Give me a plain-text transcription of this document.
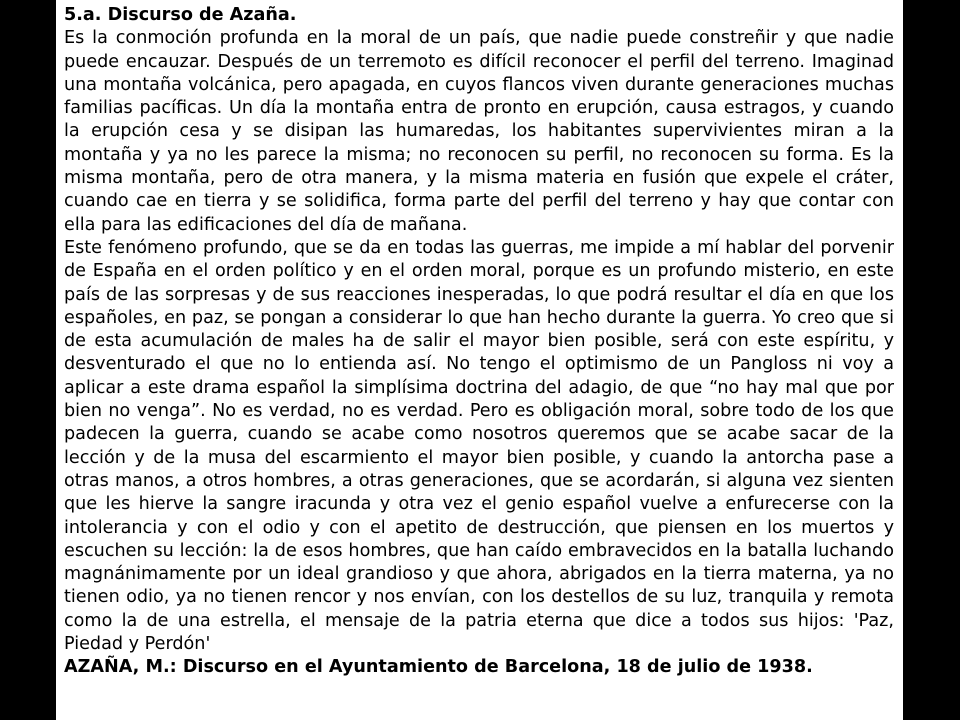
5.a. Discurso de Azaña.

Es la conmoción profunda en la moral de un país, que nadie puede constreñir y que nadie puede encauzar. Después de un terremoto es difícil reconocer el perfil del terreno. Imaginad una montaña volcánica, pero apagada, en cuyos flancos viven durante generaciones muchas familias pacíficas. Un día la montaña entra de pronto en erupción, causa estragos, y cuando la erupción cesa y se disipan las humaredas, los habitantes supervivientes miran a la montaña y ya no les parece la misma; no reconocen su perfil, no reconocen su forma. Es la misma montaña, pero de otra manera, y la misma materia en fusión que expele el cráter, cuando cae en tierra y se solidifica, forma parte del perfil del terreno y hay que contar con ella para las edificaciones del día de mañana.

Este fenómeno profundo, que se da en todas las guerras, me impide a mí hablar del porvenir de España en el orden político y en el orden moral, porque es un profundo misterio, en este país de las sorpresas y de sus reacciones inesperadas, lo que podrá resultar el día en que los españoles, en paz, se pongan a considerar lo que han hecho durante la guerra. Yo creo que si de esta acumulación de males ha de salir el mayor bien posible, será con este espíritu, y desventurado el que no lo entienda así. No tengo el optimismo de un Pangloss ni voy a aplicar a este drama español la simplísima doctrina del adagio, de que “no hay mal que por bien no venga”. No es verdad, no es verdad. Pero es obligación moral, sobre todo de los que padecen la guerra, cuando se acabe como nosotros queremos que se acabe sacar de la lección y de la musa del escarmiento el mayor bien posible, y cuando la antorcha pase a otras manos, a otros hombres, a otras generaciones, que se acordarán, si alguna vez sienten que les hierve la sangre iracunda y otra vez el genio español vuelve a enfurecerse con la intolerancia y con el odio y con el apetito de destrucción, que piensen en los muertos y escuchen su lección: la de esos hombres, que han caído embravecidos en la batalla luchando magnánimamente por un ideal grandioso y que ahora, abrigados en la tierra materna, ya no tienen odio, ya no tienen rencor y nos envían, con los destellos de su luz, tranquila y remota como la de una estrella, el mensaje de la patria eterna que dice a todos sus hijos: 'Paz, Piedad y Perdón'

AZAÑA, M.: Discurso en el Ayuntamiento de Barcelona, 18 de julio de 1938.
